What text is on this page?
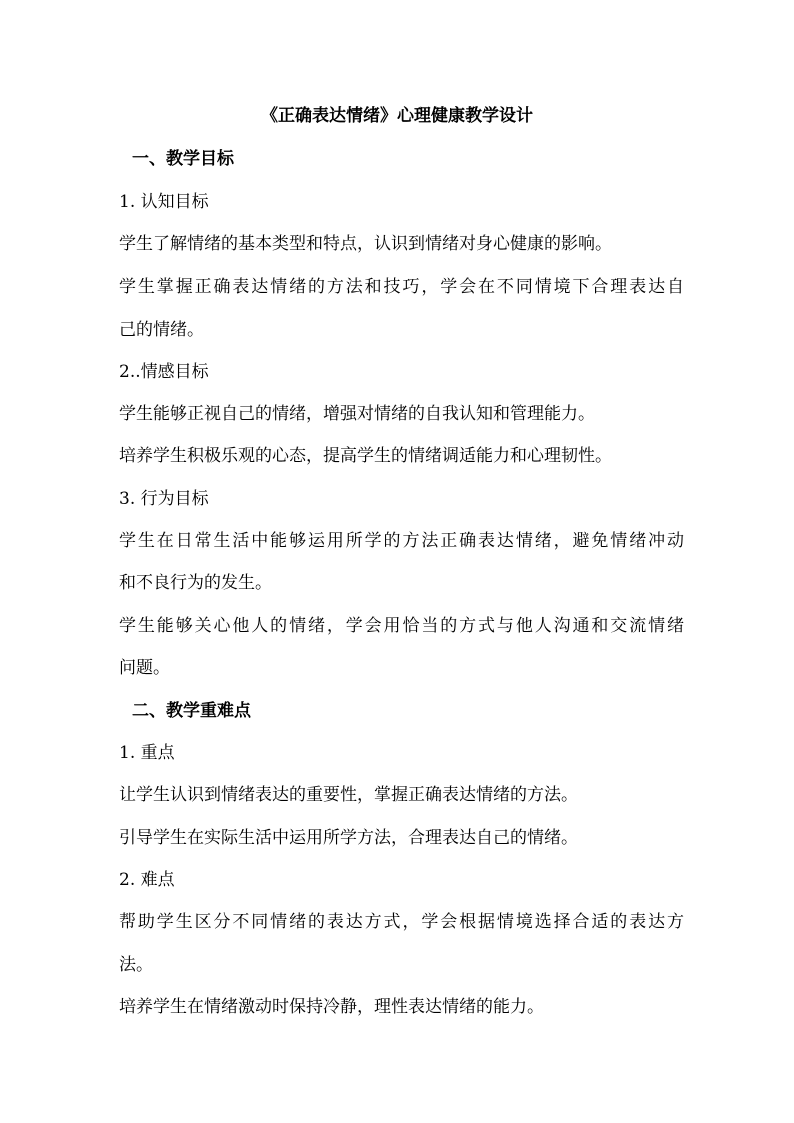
《正确表达情绪》心理健康教学设计

一、教学目标

1. 认知目标

学生了解情绪的基本类型和特点，认识到情绪对身心健康的影响。

学生掌握正确表达情绪的方法和技巧，学会在不同情境下合理表达自

己的情绪。

2..情感目标

学生能够正视自己的情绪，增强对情绪的自我认知和管理能力。

培养学生积极乐观的心态，提高学生的情绪调适能力和心理韧性。

3. 行为目标

学生在日常生活中能够运用所学的方法正确表达情绪，避免情绪冲动

和不良行为的发生。

学生能够关心他人的情绪，学会用恰当的方式与他人沟通和交流情绪

问题。

二、教学重难点

1. 重点

让学生认识到情绪表达的重要性，掌握正确表达情绪的方法。

引导学生在实际生活中运用所学方法，合理表达自己的情绪。

2. 难点

帮助学生区分不同情绪的表达方式，学会根据情境选择合适的表达方

法。

培养学生在情绪激动时保持冷静，理性表达情绪的能力。
